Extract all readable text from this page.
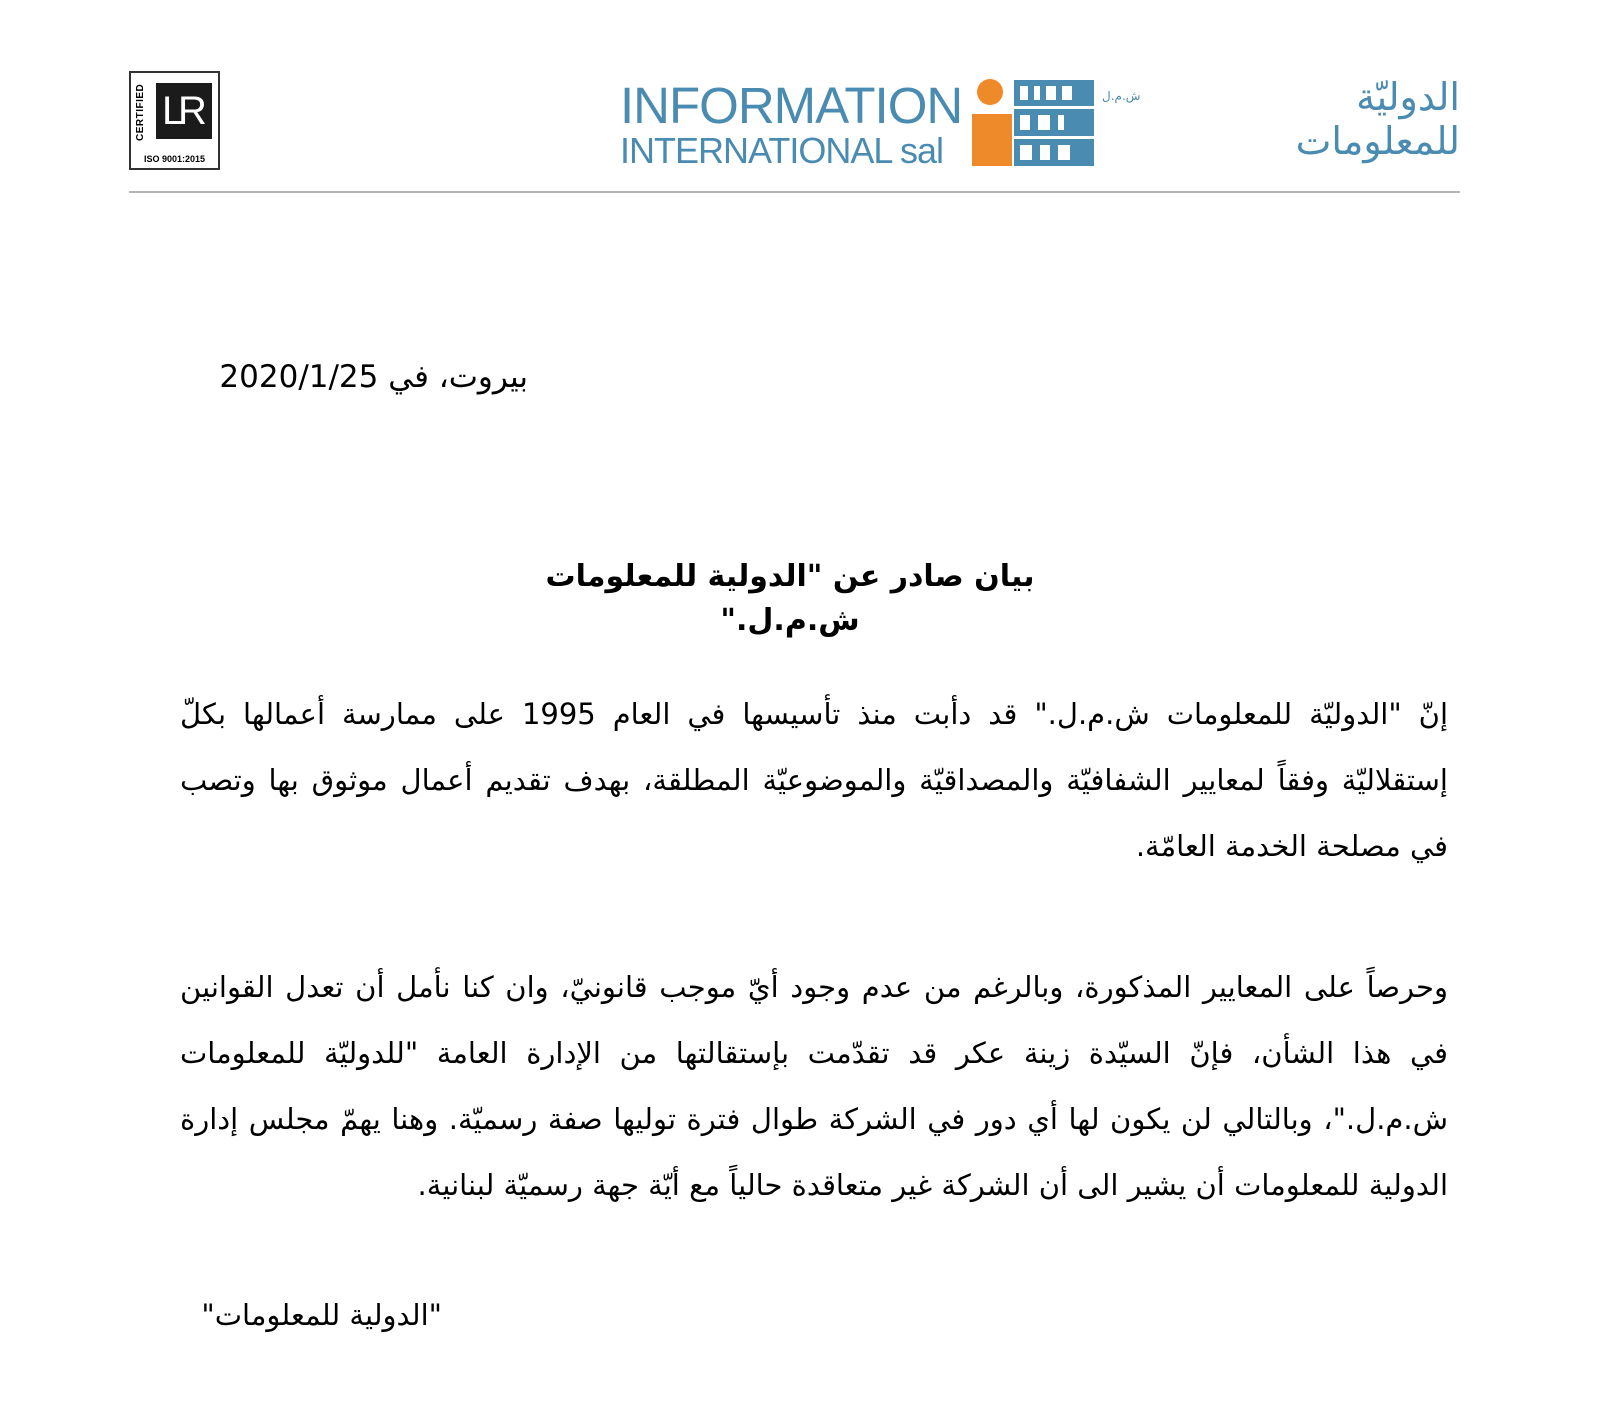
CERTIFIED L
R
ISO 9001:2015
INFORMATION
INTERNATIONAL sal
الدوليّة
للمعلومات
ش.م.ل
بيروت، في 2020/1/25
بيان صادر عن "الدولية للمعلومات ش.م.ل."
إنّ "الدوليّة للمعلومات ش.م.ل." قد دأبت منذ تأسيسها في العام 1995 على ممارسة أعمالها بكلّ إستقلاليّة وفقاً لمعايير الشفافيّة والمصداقيّة والموضوعيّة المطلقة، بهدف تقديم أعمال موثوق بها وتصب في مصلحة الخدمة العامّة.
وحرصاً على المعايير المذكورة، وبالرغم من عدم وجود أيّ موجب قانونيّ، وان كنا نأمل أن تعدل القوانين في هذا الشأن، فإنّ السيّدة زينة عكر قد تقدّمت بإستقالتها من الإدارة العامة "للدوليّة للمعلومات ش.م.ل."، وبالتالي لن يكون لها أي دور في الشركة طوال فترة توليها صفة رسميّة. وهنا يهمّ مجلس إدارة الدولية للمعلومات أن يشير الى أن الشركة غير متعاقدة حالياً مع أيّة جهة رسميّة لبنانية.
"الدولية للمعلومات"
